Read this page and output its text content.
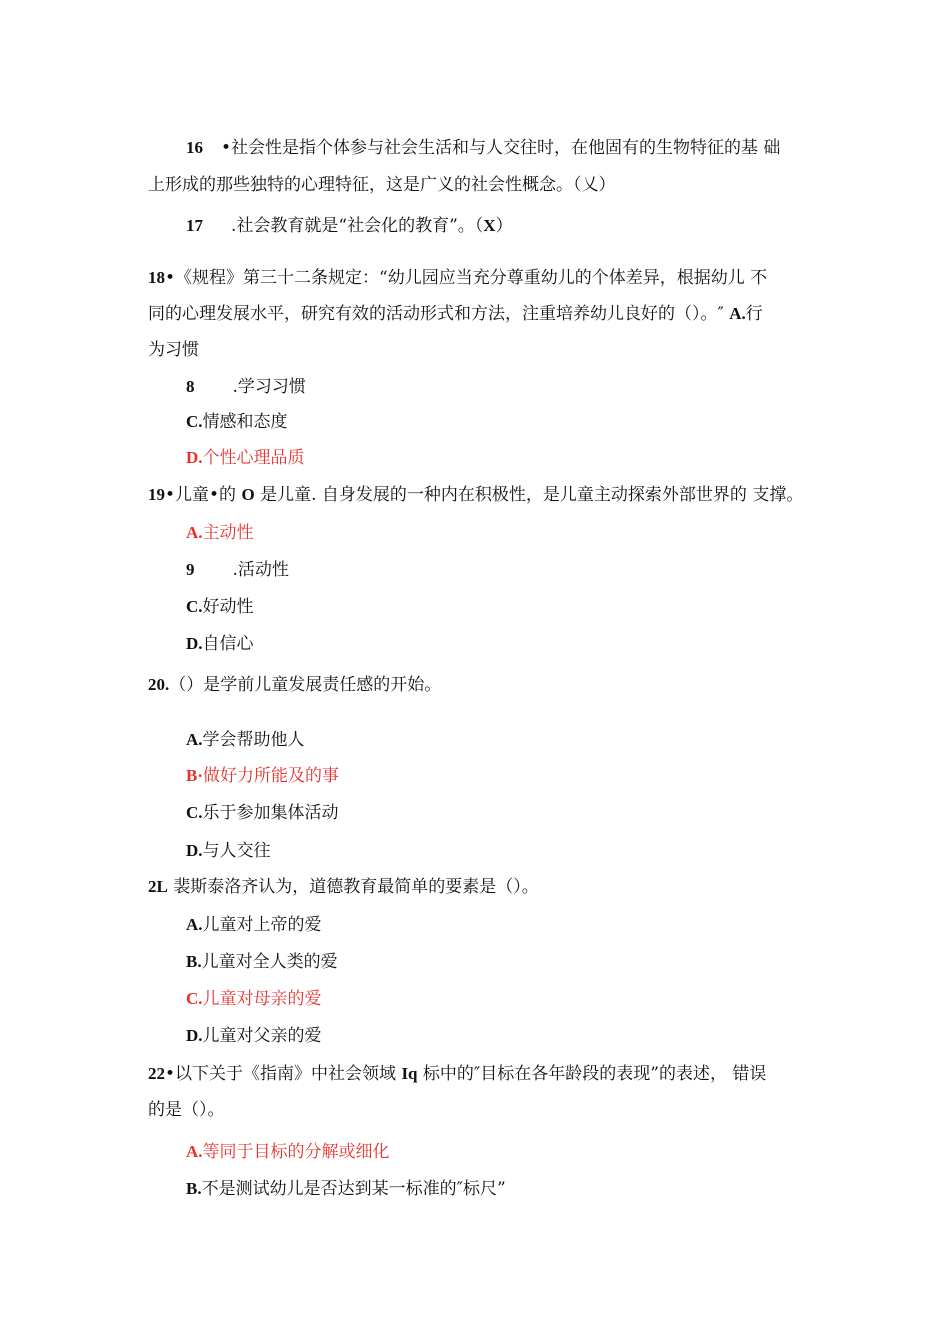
16 •社会性是指个体参与社会生活和与人交往时，在他固有的生物特征的基 础
上形成的那些独特的心理特征，这是广义的社会性概念。（乂）
17 .社会教育就是“社会化的教育”。（X）
18•《规程》第三十二条规定：“幼儿园应当充分尊重幼儿的个体差异，根据幼儿 不
同的心理发展水平，研究有效的活动形式和方法，注重培养幼儿良好的（）。″ A.行
为习惯
8 .学习习惯
C.情感和态度
D.个性心理品质
19•儿童•的 O 是儿童. 自身发展的一种内在积极性，是儿童主动探索外部世界的 支撑。
A.主动性
9 .活动性
C.好动性
D.自信心
20.（）是学前儿童发展责任感的开始。
A.学会帮助他人
B·做好力所能及的事
C.乐于参加集体活动
D.与人交往
2L 裴斯泰洛齐认为，道德教育最简单的要素是（）。
A.儿童对上帝的爱
B.儿童对全人类的爱
C.儿童对母亲的爱
D.儿童对父亲的爱
22•以下关于《指南》中社会领域 Iq 标中的″目标在各年龄段的表现”的表述， 错误
的是（）。
A.等同于目标的分解或细化
B.不是测试幼儿是否达到某一标准的″标尺”
